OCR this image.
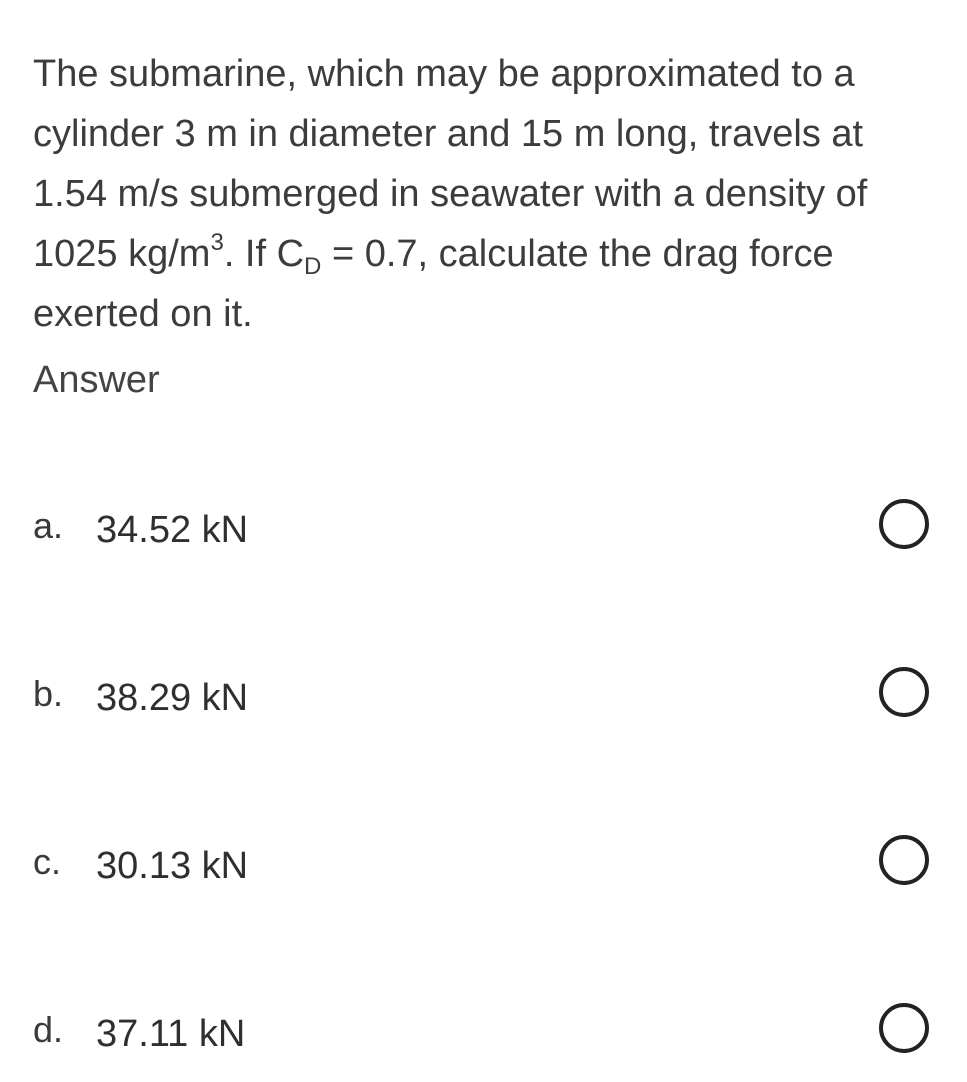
The submarine, which may be approximated to a cylinder 3 m in diameter and 15 m long, travels at 1.54 m/s submerged in seawater with a density of 1025 $kg/m^3$. If $C_D = 0.7$, calculate the drag force exerted on it.

Answer
a. 34.52 kN
b. 38.29 kN
c. 30.13 kN
d. 37.11 kN
